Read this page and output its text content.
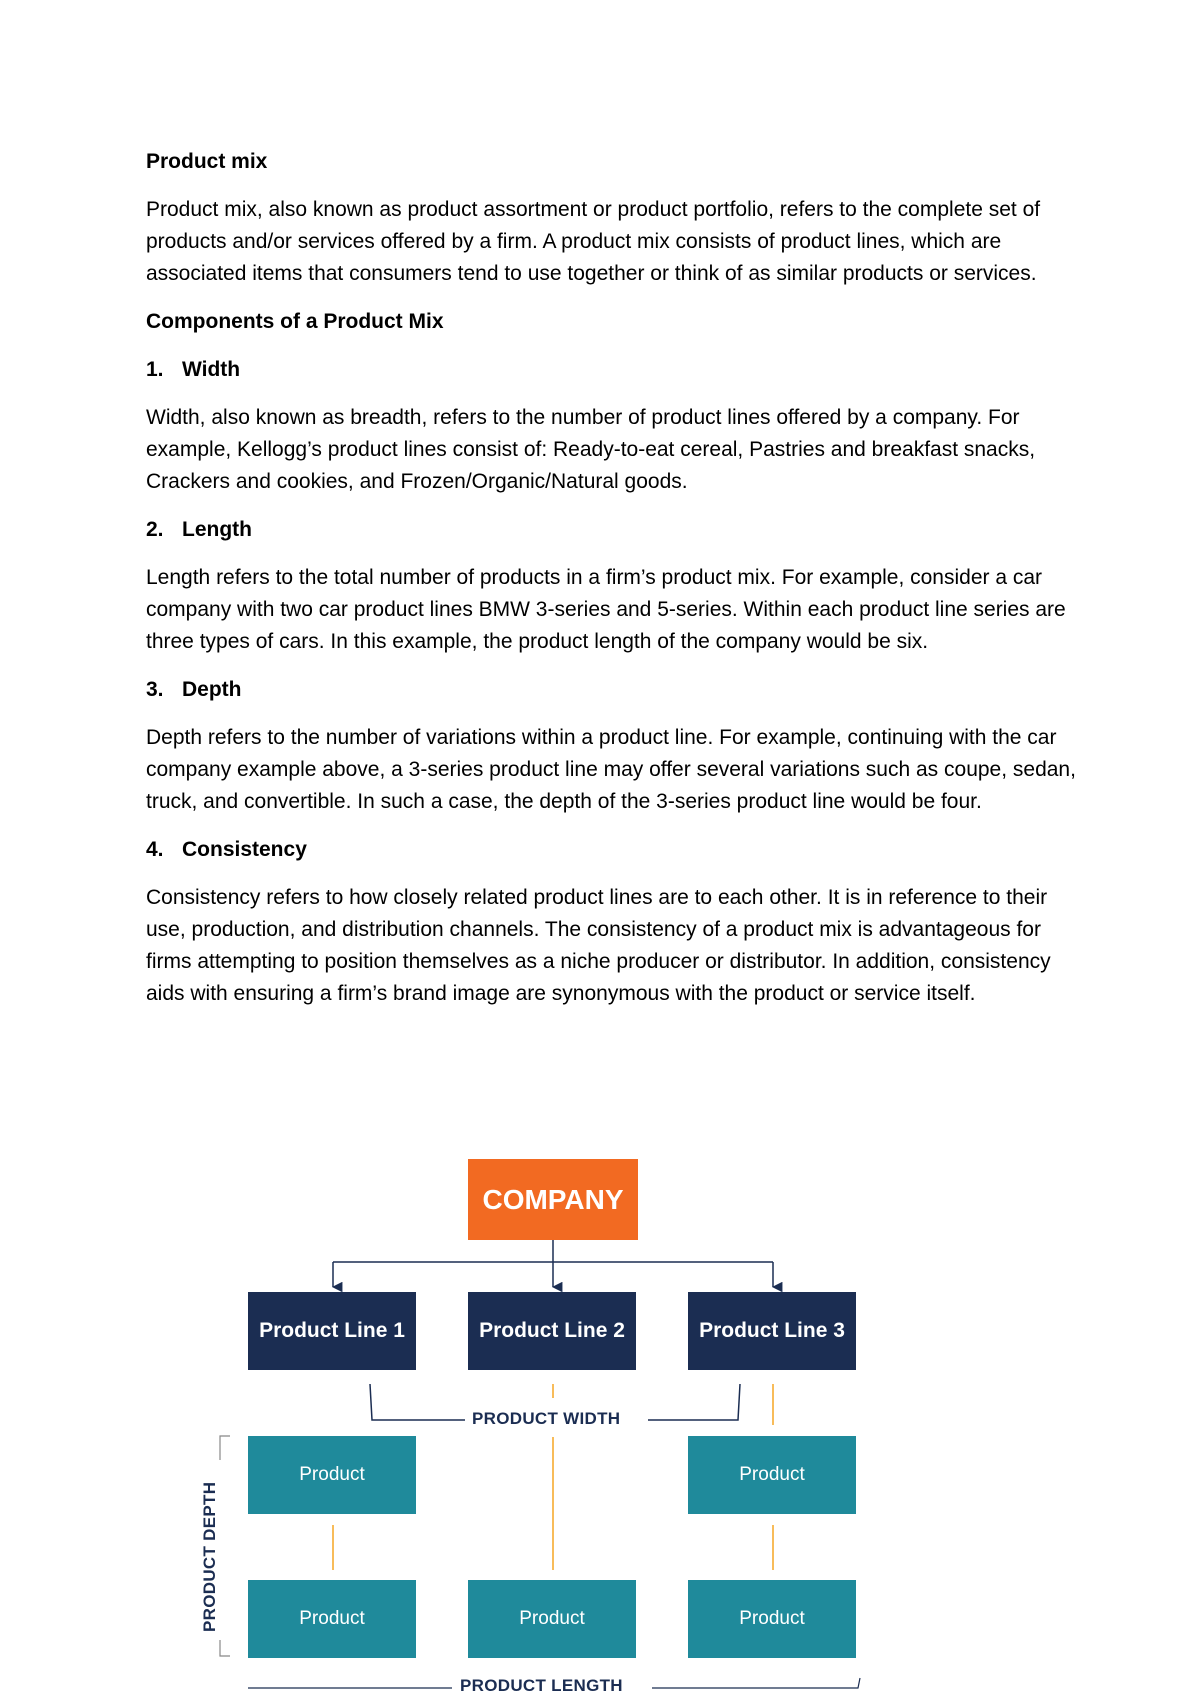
Product mix

Product mix, also known as product assortment or product portfolio, refers to the complete set of products and/or services offered by a firm. A product mix consists of product lines, which are associated items that consumers tend to use together or think of as similar products or services.

Components of a Product Mix

1. Width

Width, also known as breadth, refers to the number of product lines offered by a company. For example, Kellogg’s product lines consist of: Ready-to-eat cereal, Pastries and breakfast snacks, Crackers and cookies, and Frozen/Organic/Natural goods.

2. Length

Length refers to the total number of products in a firm’s product mix. For example, consider a car company with two car product lines BMW 3-series and 5-series. Within each product line series are three types of cars. In this example, the product length of the company would be six.

3. Depth

Depth refers to the number of variations within a product line. For example, continuing with the car company example above, a 3-series product line may offer several variations such as coupe, sedan, truck, and convertible. In such a case, the depth of the 3-series product line would be four.

4. Consistency

Consistency refers to how closely related product lines are to each other. It is in reference to their use, production, and distribution channels. The consistency of a product mix is advantageous for firms attempting to position themselves as a niche producer or distributor. In addition, consistency aids with ensuring a firm’s brand image are synonymous with the product or service itself.

COMPANY
Product Line 1	Product Line 2	Product Line 3
Product	Product
Product	Product	Product
PRODUCT WIDTH
PRODUCT DEPTH
PRODUCT LENGTH
